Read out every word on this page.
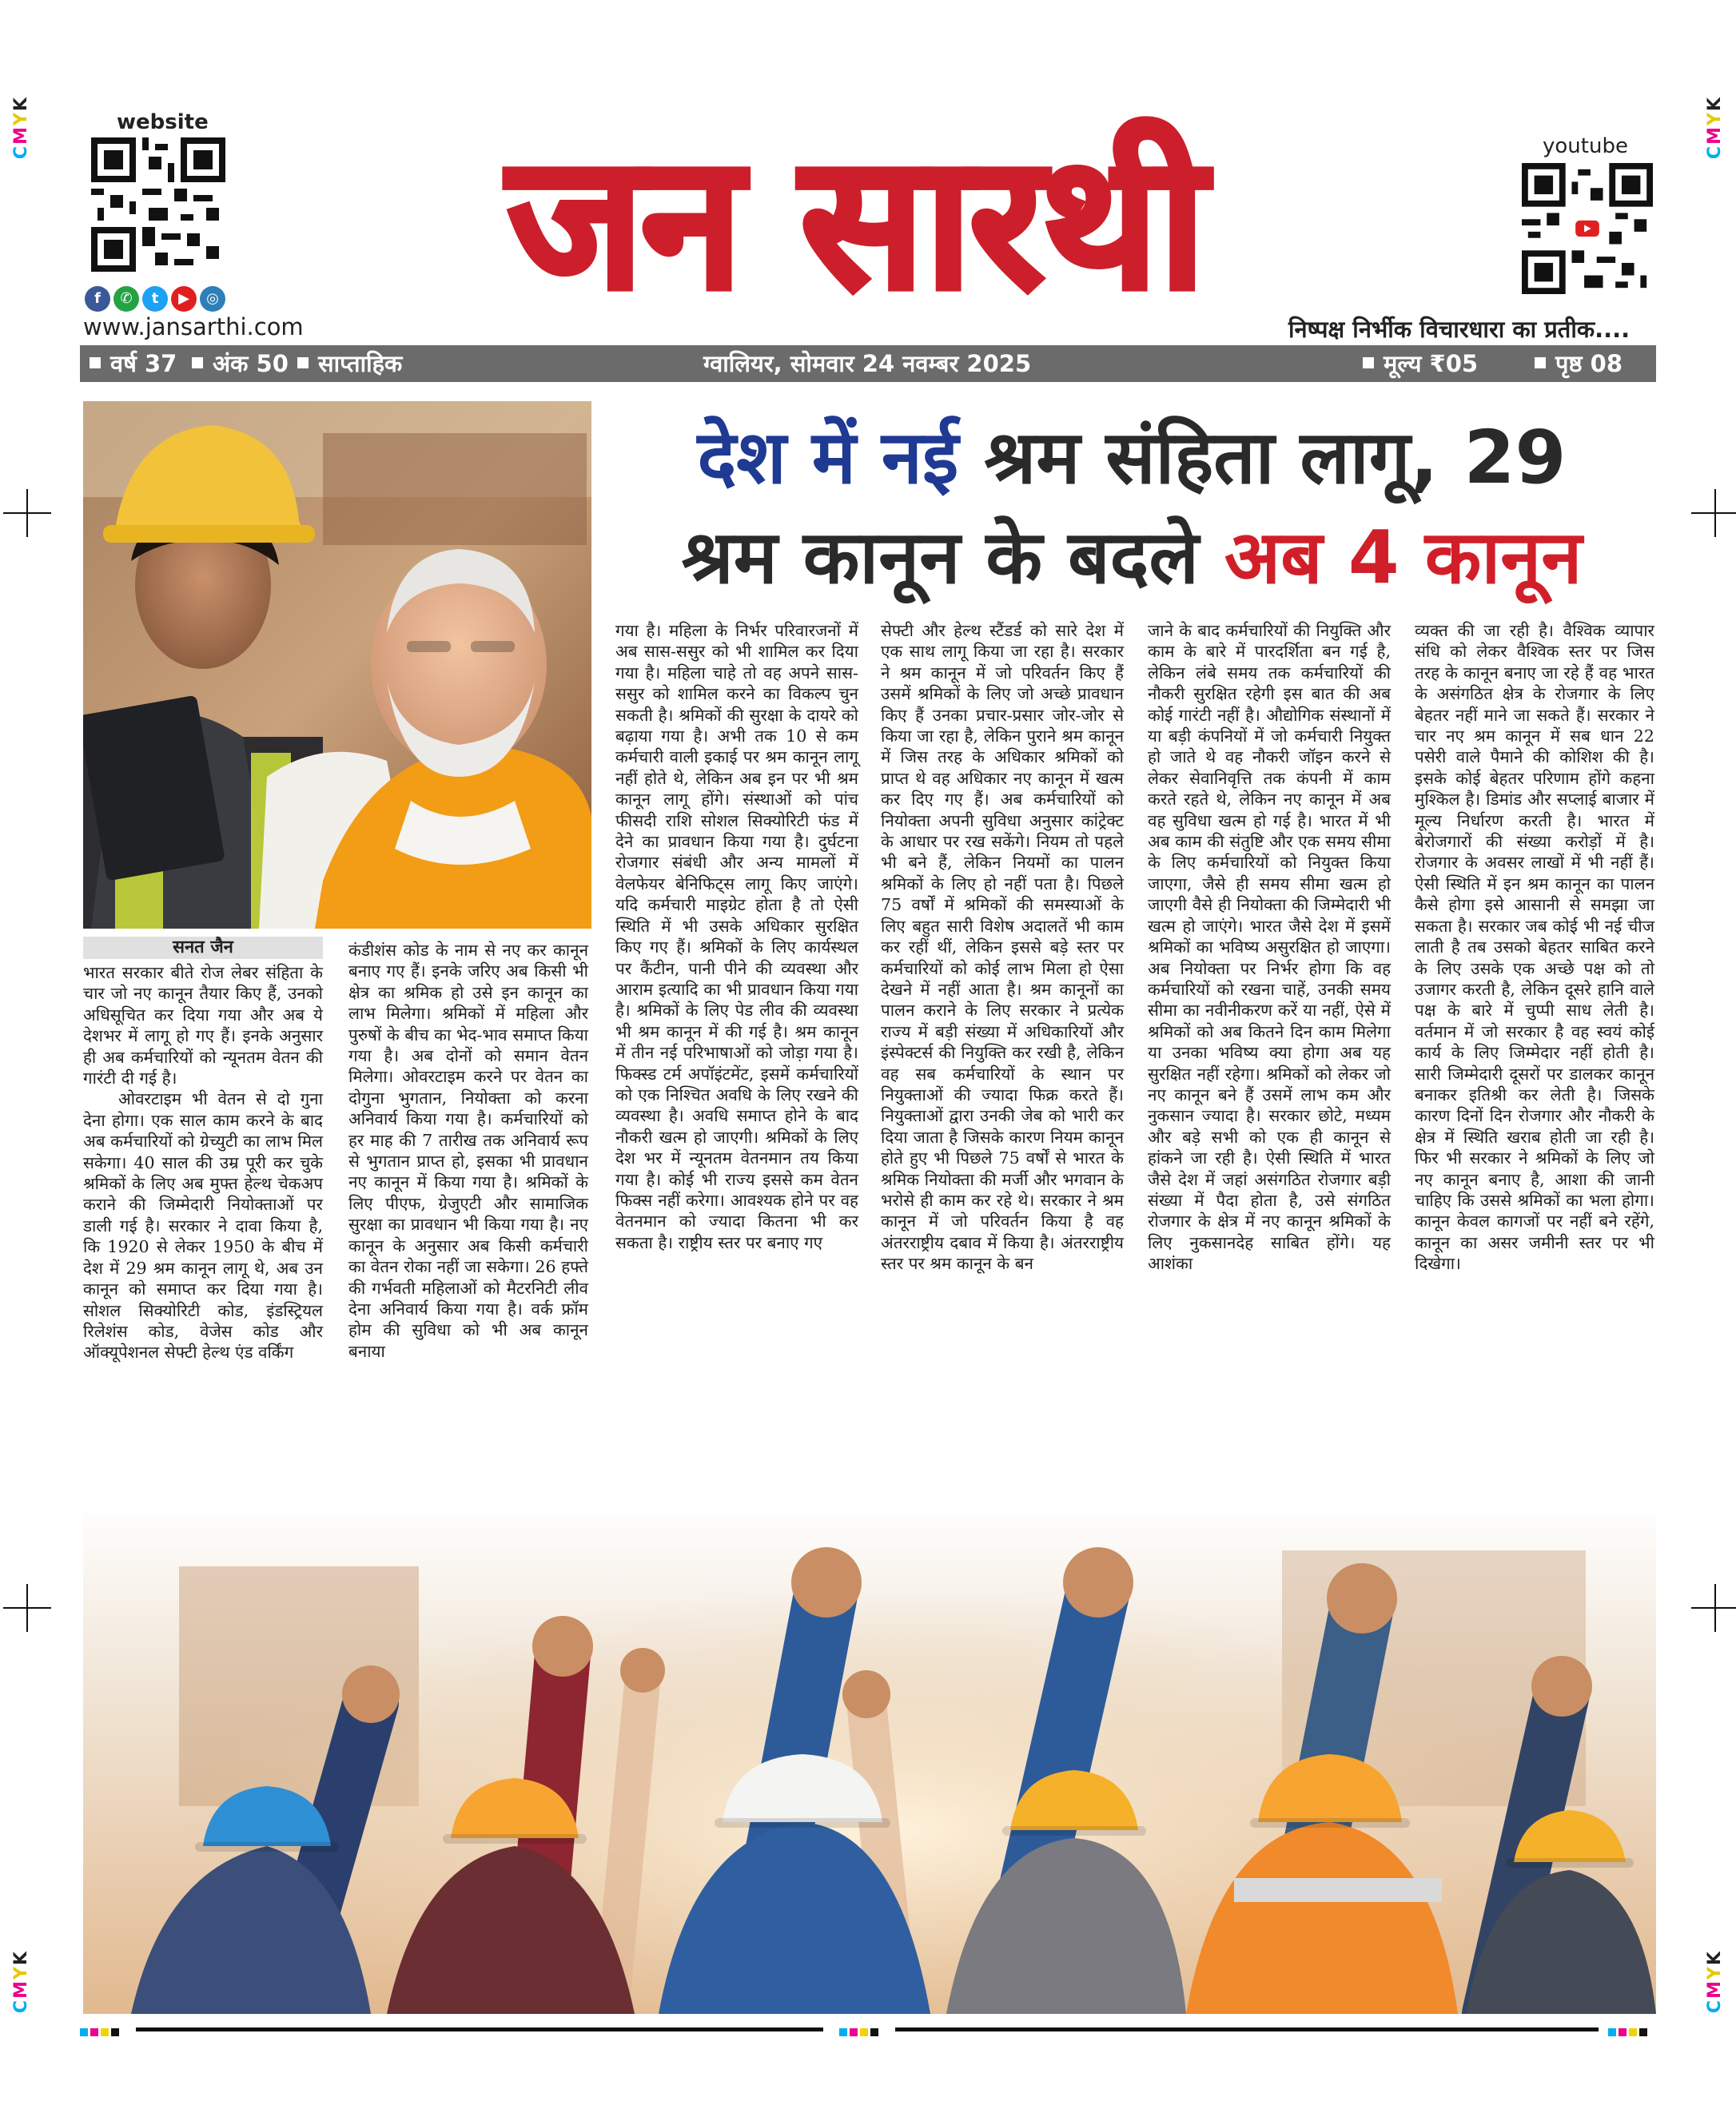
CMYK
CMYK
CMYK
CMYK
website
f ✆ t ▶ ◎
www.jansarthi.com	जन सारथी	youtube
निष्पक्ष निर्भीक विचारधारा का प्रतीक....
वर्ष 37	अंक 50	साप्ताहिक	ग्वालियर, सोमवार 24 नवम्बर 2025	मूल्य ₹05	पृष्ठ 08
देश में नई श्रम संहिता लागू, 29
श्रम कानून के बदले अब 4 कानून
सनत जैन

भारत सरकार बीते रोज लेबर संहिता के चार जो नए कानून तैयार किए हैं, उनको अधिसूचित कर दिया गया और अब ये देशभर में लागू हो गए हैं। इनके अनुसार ही अब कर्मचारियों को न्यूनतम वेतन की गारंटी दी गई है।

ओवरटाइम भी वेतन से दो गुना देना होगा। एक साल काम करने के बाद अब कर्मचारियों को ग्रेच्युटी का लाभ मिल सकेगा। 40 साल की उम्र पूरी कर चुके श्रमिकों के लिए अब मुफ्त हेल्थ चेकअप कराने की जिम्मेदारी नियोक्ताओं पर डाली गई है। सरकार ने दावा किया है, कि 1920 से लेकर 1950 के बीच में देश में 29 श्रम कानून लागू थे, अब उन कानून को समाप्त कर दिया गया है। सोशल सिक्योरिटी कोड, इंडस्ट्रियल रिलेशंस कोड, वेजेस कोड और ऑक्यूपेशनल सेफ्टी हेल्थ एंड वर्किंग

कंडीशंस कोड के नाम से नए कर कानून बनाए गए हैं। इनके जरिए अब किसी भी क्षेत्र का श्रमिक हो उसे इन कानून का लाभ मिलेगा। श्रमिकों में महिला और पुरुषों के बीच का भेद-भाव समाप्त किया गया है। अब दोनों को समान वेतन मिलेगा। ओवरटाइम करने पर वेतन का दोगुना भुगतान, नियोक्ता को करना अनिवार्य किया गया है। कर्मचारियों को हर माह की 7 तारीख तक अनिवार्य रूप से भुगतान प्राप्त हो, इसका भी प्रावधान नए कानून में किया गया है। श्रमिकों के लिए पीएफ, ग्रेजुएटी और सामाजिक सुरक्षा का प्रावधान भी किया गया है। नए कानून के अनुसार अब किसी कर्मचारी का वेतन रोका नहीं जा सकेगा। 26 हफ्ते की गर्भवती महिलाओं को मैटरनिटी लीव देना अनिवार्य किया गया है। वर्क फ्रॉम होम की सुविधा को भी अब कानून बनाया

गया है। महिला के निर्भर परिवारजनों में अब सास-ससुर को भी शामिल कर दिया गया है। महिला चाहे तो वह अपने सास-ससुर को शामिल करने का विकल्प चुन सकती है। श्रमिकों की सुरक्षा के दायरे को बढ़ाया गया है। अभी तक 10 से कम कर्मचारी वाली इकाई पर श्रम कानून लागू नहीं होते थे, लेकिन अब इन पर भी श्रम कानून लागू होंगे। संस्थाओं को पांच फीसदी राशि सोशल सिक्योरिटी फंड में देने का प्रावधान किया गया है। दुर्घटना रोजगार संबंधी और अन्य मामलों में वेलफेयर बेनिफिट्स लागू किए जाएंगे। यदि कर्मचारी माइग्रेट होता है तो ऐसी स्थिति में भी उसके अधिकार सुरक्षित किए गए हैं। श्रमिकों के लिए कार्यस्थल पर कैंटीन, पानी पीने की व्यवस्था और आराम इत्यादि का भी प्रावधान किया गया है। श्रमिकों के लिए पेड लीव की व्यवस्था भी श्रम कानून में की गई है। श्रम कानून में तीन नई परिभाषाओं को जोड़ा गया है। फिक्स्ड टर्म अपॉइंटमेंट, इसमें कर्मचारियों को एक निश्चित अवधि के लिए रखने की व्यवस्था है। अवधि समाप्त होने के बाद नौकरी खत्म हो जाएगी। श्रमिकों के लिए देश भर में न्यूनतम वेतनमान तय किया गया है। कोई भी राज्य इससे कम वेतन फिक्स नहीं करेगा। आवश्यक होने पर वह वेतनमान को ज्यादा कितना भी कर सकता है। राष्ट्रीय स्तर पर बनाए गए

सेफ्टी और हेल्थ स्टैंडर्ड को सारे देश में एक साथ लागू किया जा रहा है। सरकार ने श्रम कानून में जो परिवर्तन किए हैं उसमें श्रमिकों के लिए जो अच्छे प्रावधान किए हैं उनका प्रचार-प्रसार जोर-जोर से किया जा रहा है, लेकिन पुराने श्रम कानून में जिस तरह के अधिकार श्रमिकों को प्राप्त थे वह अधिकार नए कानून में खत्म कर दिए गए हैं। अब कर्मचारियों को नियोक्ता अपनी सुविधा अनुसार कांट्रेक्ट के आधार पर रख सकेंगे। नियम तो पहले भी बने हैं, लेकिन नियमों का पालन श्रमिकों के लिए हो नहीं पता है। पिछले 75 वर्षों में श्रमिकों की समस्याओं के लिए बहुत सारी विशेष अदालतें भी काम कर रहीं थीं, लेकिन इससे बड़े स्तर पर कर्मचारियों को कोई लाभ मिला हो ऐसा देखने में नहीं आता है। श्रम कानूनों का पालन कराने के लिए सरकार ने प्रत्येक राज्य में बड़ी संख्या में अधिकारियों और इंस्पेक्टर्स की नियुक्ति कर रखी है, लेकिन वह सब कर्मचारियों के स्थान पर नियुक्ताओं की ज्यादा फिक्र करते हैं। नियुक्ताओं द्वारा उनकी जेब को भारी कर दिया जाता है जिसके कारण नियम कानून होते हुए भी पिछले 75 वर्षों से भारत के श्रमिक नियोक्ता की मर्जी और भगवान के भरोसे ही काम कर रहे थे। सरकार ने श्रम कानून में जो परिवर्तन किया है वह अंतरराष्ट्रीय दबाव में किया है। अंतरराष्ट्रीय स्तर पर श्रम कानून के बन

जाने के बाद कर्मचारियों की नियुक्ति और काम के बारे में पारदर्शिता बन गई है, लेकिन लंबे समय तक कर्मचारियों की नौकरी सुरक्षित रहेगी इस बात की अब कोई गारंटी नहीं है। औद्योगिक संस्थानों में या बड़ी कंपनियों में जो कर्मचारी नियुक्त हो जाते थे वह नौकरी जॉइन करने से लेकर सेवानिवृत्ति तक कंपनी में काम करते रहते थे, लेकिन नए कानून में अब वह सुविधा खत्म हो गई है। भारत में भी अब काम की संतुष्टि और एक समय सीमा के लिए कर्मचारियों को नियुक्त किया जाएगा, जैसे ही समय सीमा खत्म हो जाएगी वैसे ही नियोक्ता की जिम्मेदारी भी खत्म हो जाएंगे। भारत जैसे देश में इसमें श्रमिकों का भविष्य असुरक्षित हो जाएगा। अब नियोक्ता पर निर्भर होगा कि वह कर्मचारियों को रखना चाहें, उनकी समय सीमा का नवीनीकरण करें या नहीं, ऐसे में श्रमिकों को अब कितने दिन काम मिलेगा या उनका भविष्य क्या होगा अब यह सुरक्षित नहीं रहेगा। श्रमिकों को लेकर जो नए कानून बने हैं उसमें लाभ कम और नुकसान ज्यादा है। सरकार छोटे, मध्यम और बड़े सभी को एक ही कानून से हांकने जा रही है। ऐसी स्थिति में भारत जैसे देश में जहां असंगठित रोजगार बड़ी संख्या में पैदा होता है, उसे संगठित रोजगार के क्षेत्र में नए कानून श्रमिकों के लिए नुकसानदेह साबित होंगे। यह आशंका

व्यक्त की जा रही है। वैश्विक व्यापार संधि को लेकर वैश्विक स्तर पर जिस तरह के कानून बनाए जा रहे हैं वह भारत के असंगठित क्षेत्र के रोजगार के लिए बेहतर नहीं माने जा सकते हैं। सरकार ने चार नए श्रम कानून में सब धान 22 पसेरी वाले पैमाने की कोशिश की है। इसके कोई बेहतर परिणाम होंगे कहना मुश्किल है। डिमांड और सप्लाई बाजार में मूल्य निर्धारण करती है। भारत में बेरोजगारों की संख्या करोड़ों में है। रोजगार के अवसर लाखों में भी नहीं हैं। ऐसी स्थिति में इन श्रम कानून का पालन कैसे होगा इसे आसानी से समझा जा सकता है। सरकार जब कोई भी नई चीज लाती है तब उसको बेहतर साबित करने के लिए उसके एक अच्छे पक्ष को तो उजागर करती है, लेकिन दूसरे हानि वाले पक्ष के बारे में चुप्पी साध लेती है। वर्तमान में जो सरकार है वह स्वयं कोई कार्य के लिए जिम्मेदार नहीं होती है। सारी जिम्मेदारी दूसरों पर डालकर कानून बनाकर इतिश्री कर लेती है। जिसके कारण दिनों दिन रोजगार और नौकरी के क्षेत्र में स्थिति खराब होती जा रही है। फिर भी सरकार ने श्रमिकों के लिए जो नए कानून बनाए है, आशा की जानी चाहिए कि उससे श्रमिकों का भला होगा। कानून केवल कागजों पर नहीं बने रहेंगे, कानून का असर जमीनी स्तर पर भी दिखेगा।
